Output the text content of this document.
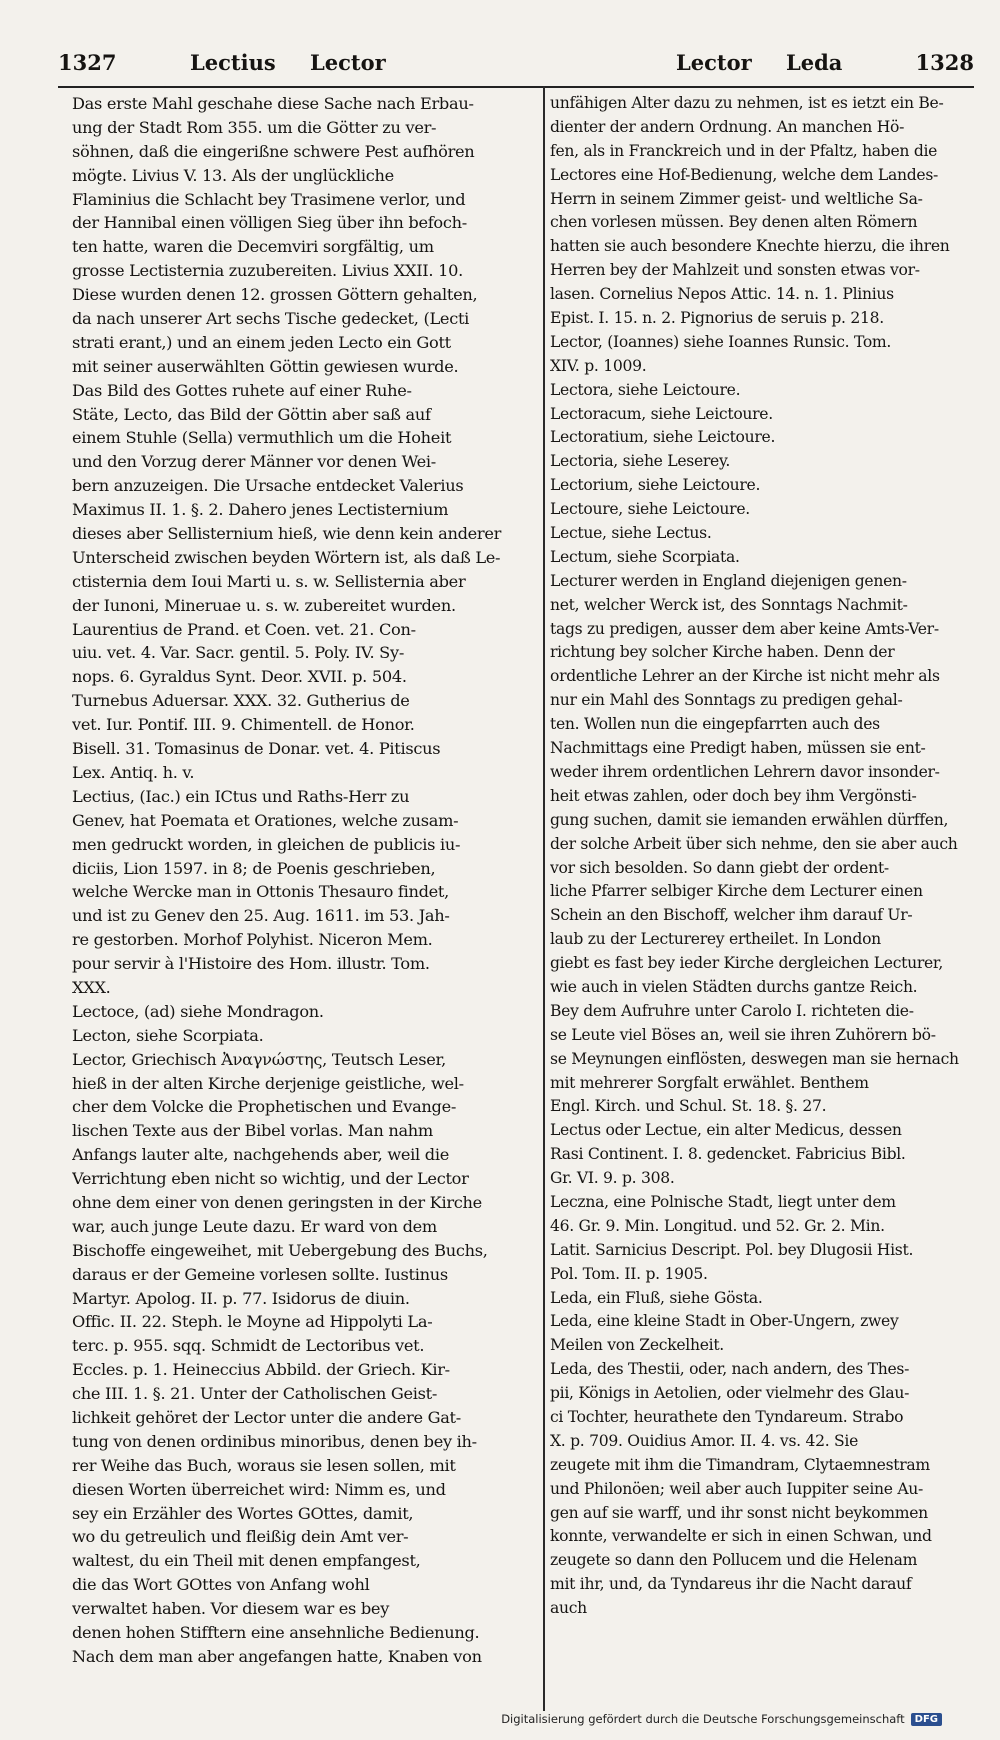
1327	Lectius Lector	Lector Leda	1328
Das erste Mahl geschahe diese Sache nach Erbau-
ung der Stadt Rom 355. um die Götter zu ver-
söhnen, daß die eingerißne schwere Pest aufhören
mögte. Livius V. 13. Als der unglückliche
Flaminius die Schlacht bey Trasimene verlor, und
der Hannibal einen völligen Sieg über ihn befoch-
ten hatte, waren die Decemviri sorgfältig, um
grosse Lectisternia zuzubereiten. Livius XXII. 10.
Diese wurden denen 12. grossen Göttern gehalten,
da nach unserer Art sechs Tische gedecket, (Lecti
strati erant,) und an einem jeden Lecto ein Gott
mit seiner auserwählten Göttin gewiesen wurde.
Das Bild des Gottes ruhete auf einer Ruhe-
Stäte, Lecto, das Bild der Göttin aber saß auf
einem Stuhle (Sella) vermuthlich um die Hoheit
und den Vorzug derer Männer vor denen Wei-
bern anzuzeigen. Die Ursache entdecket Valerius
Maximus II. 1. §. 2. Dahero jenes Lectisternium
dieses aber Sellisternium hieß, wie denn kein anderer
Unterscheid zwischen beyden Wörtern ist, als daß Le-
ctisternia dem Ioui Marti u. s. w. Sellisternia aber
der Iunoni, Mineruae u. s. w. zubereitet wurden.
Laurentius de Prand. et Coen. vet. 21. Con-
uiu. vet. 4. Var. Sacr. gentil. 5. Poly. IV. Sy-
nops. 6. Gyraldus Synt. Deor. XVII. p. 504.
Turnebus Aduersar. XXX. 32. Gutherius de
vet. Iur. Pontif. III. 9. Chimentell. de Honor.
Bisell. 31. Tomasinus de Donar. vet. 4. Pitiscus
Lex. Antiq. h. v.
Lectius, (Iac.) ein ICtus und Raths-Herr zu
Genev, hat Poemata et Orationes, welche zusam-
men gedruckt worden, in gleichen de publicis iu-
diciis, Lion 1597. in 8; de Poenis geschrieben,
welche Wercke man in Ottonis Thesauro findet,
und ist zu Genev den 25. Aug. 1611. im 53. Jah-
re gestorben. Morhof Polyhist. Niceron Mem.
pour servir à l'Histoire des Hom. illustr. Tom.
XXX.
Lectoce, (ad) siehe Mondragon.
Lecton, siehe Scorpiata.
Lector, Griechisch Ἀναγνώστης, Teutsch Leser,
hieß in der alten Kirche derjenige geistliche, wel-
cher dem Volcke die Prophetischen und Evange-
lischen Texte aus der Bibel vorlas. Man nahm
Anfangs lauter alte, nachgehends aber, weil die
Verrichtung eben nicht so wichtig, und der Lector
ohne dem einer von denen geringsten in der Kirche
war, auch junge Leute dazu. Er ward von dem
Bischoffe eingeweihet, mit Uebergebung des Buchs,
daraus er der Gemeine vorlesen sollte. Iustinus
Martyr. Apolog. II. p. 77. Isidorus de diuin.
Offic. II. 22. Steph. le Moyne ad Hippolyti La-
terc. p. 955. sqq. Schmidt de Lectoribus vet.
Eccles. p. 1. Heineccius Abbild. der Griech. Kir-
che III. 1. §. 21. Unter der Catholischen Geist-
lichkeit gehöret der Lector unter die andere Gat-
tung von denen ordinibus minoribus, denen bey ih-
rer Weihe das Buch, woraus sie lesen sollen, mit
diesen Worten überreichet wird: Nimm es, und
sey ein Erzähler des Wortes GOttes, damit,
wo du getreulich und fleißig dein Amt ver-
waltest, du ein Theil mit denen empfangest,
die das Wort GOttes von Anfang wohl
verwaltet haben. Vor diesem war es bey
denen hohen Stifftern eine ansehnliche Bedienung.
Nach dem man aber angefangen hatte, Knaben von
unfähigen Alter dazu zu nehmen, ist es ietzt ein Be-
dienter der andern Ordnung. An manchen Hö-
fen, als in Franckreich und in der Pfaltz, haben die
Lectores eine Hof-Bedienung, welche dem Landes-
Herrn in seinem Zimmer geist- und weltliche Sa-
chen vorlesen müssen. Bey denen alten Römern
hatten sie auch besondere Knechte hierzu, die ihren
Herren bey der Mahlzeit und sonsten etwas vor-
lasen. Cornelius Nepos Attic. 14. n. 1. Plinius
Epist. I. 15. n. 2. Pignorius de seruis p. 218.
Lector, (Ioannes) siehe Ioannes Runsic. Tom.
XIV. p. 1009.
Lectora, siehe Leictoure.
Lectoracum, siehe Leictoure.
Lectoratium, siehe Leictoure.
Lectoria, siehe Leserey.
Lectorium, siehe Leictoure.
Lectoure, siehe Leictoure.
Lectue, siehe Lectus.
Lectum, siehe Scorpiata.
Lecturer werden in England diejenigen genen-
net, welcher Werck ist, des Sonntags Nachmit-
tags zu predigen, ausser dem aber keine Amts-Ver-
richtung bey solcher Kirche haben. Denn der
ordentliche Lehrer an der Kirche ist nicht mehr als
nur ein Mahl des Sonntags zu predigen gehal-
ten. Wollen nun die eingepfarrten auch des
Nachmittags eine Predigt haben, müssen sie ent-
weder ihrem ordentlichen Lehrern davor insonder-
heit etwas zahlen, oder doch bey ihm Vergönsti-
gung suchen, damit sie iemanden erwählen dürffen,
der solche Arbeit über sich nehme, den sie aber auch
vor sich besolden. So dann giebt der ordent-
liche Pfarrer selbiger Kirche dem Lecturer einen
Schein an den Bischoff, welcher ihm darauf Ur-
laub zu der Lecturerey ertheilet. In London
giebt es fast bey ieder Kirche dergleichen Lecturer,
wie auch in vielen Städten durchs gantze Reich.
Bey dem Aufruhre unter Carolo I. richteten die-
se Leute viel Böses an, weil sie ihren Zuhörern bö-
se Meynungen einflösten, deswegen man sie hernach
mit mehrerer Sorgfalt erwählet. Benthem
Engl. Kirch. und Schul. St. 18. §. 27.
Lectus oder Lectue, ein alter Medicus, dessen
Rasi Continent. I. 8. gedencket. Fabricius Bibl.
Gr. VI. 9. p. 308.
Leczna, eine Polnische Stadt, liegt unter dem
46. Gr. 9. Min. Longitud. und 52. Gr. 2. Min.
Latit. Sarnicius Descript. Pol. bey Dlugosii Hist.
Pol. Tom. II. p. 1905.
Leda, ein Fluß, siehe Gösta.
Leda, eine kleine Stadt in Ober-Ungern, zwey
Meilen von Zeckelheit.
Leda, des Thestii, oder, nach andern, des Thes-
pii, Königs in Aetolien, oder vielmehr des Glau-
ci Tochter, heurathete den Tyndareum. Strabo
X. p. 709. Ouidius Amor. II. 4. vs. 42. Sie
zeugete mit ihm die Timandram, Clytaemnestram
und Philonöen; weil aber auch Iuppiter seine Au-
gen auf sie warff, und ihr sonst nicht beykommen
konnte, verwandelte er sich in einen Schwan, und
zeugete so dann den Pollucem und die Helenam
mit ihr, und, da Tyndareus ihr die Nacht darauf
auch
Digitalisierung gefördert durch die Deutsche Forschungsgemeinschaft	DFG
